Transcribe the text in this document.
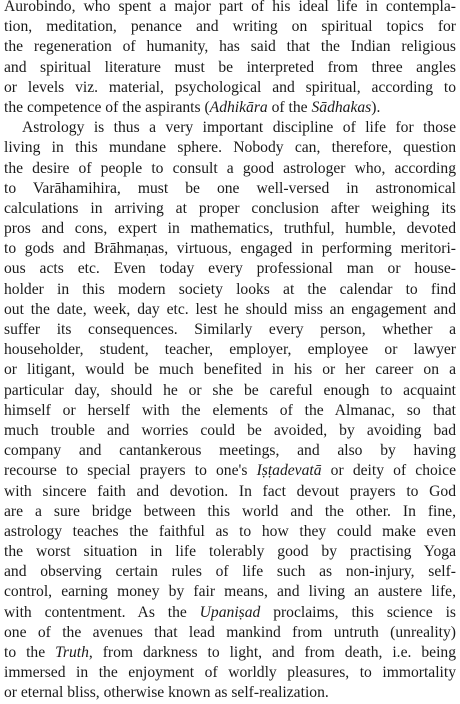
Aurobindo, who spent a major part of his ideal life in contempla-
tion, meditation, penance and writing on spiritual topics for
the regeneration of humanity, has said that the Indian religious
and spiritual literature must be interpreted from three angles
or levels viz. material, psychological and spiritual, according to
the competence of the aspirants (Adhikāra of the Sādhakas).
Astrology is thus a very important discipline of life for those
living in this mundane sphere. Nobody can, therefore, question
the desire of people to consult a good astrologer who, according
to Varāhamihira, must be one well-versed in astronomical
calculations in arriving at proper conclusion after weighing its
pros and cons, expert in mathematics, truthful, humble, devoted
to gods and Brāhmaṇas, virtuous, engaged in performing meritori-
ous acts etc. Even today every professional man or house-
holder in this modern society looks at the calendar to find
out the date, week, day etc. lest he should miss an engagement and
suffer its consequences. Similarly every person, whether a
householder, student, teacher, employer, employee or lawyer
or litigant, would be much benefited in his or her career on a
particular day, should he or she be careful enough to acquaint
himself or herself with the elements of the Almanac, so that
much trouble and worries could be avoided, by avoiding bad
company and cantankerous meetings, and also by having
recourse to special prayers to one's Iṣṭadevatā or deity of choice
with sincere faith and devotion. In fact devout prayers to God
are a sure bridge between this world and the other. In fine,
astrology teaches the faithful as to how they could make even
the worst situation in life tolerably good by practising Yoga
and observing certain rules of life such as non-injury, self-
control, earning money by fair means, and living an austere life,
with contentment. As the Upaniṣad proclaims, this science is
one of the avenues that lead mankind from untruth (unreality)
to the Truth, from darkness to light, and from death, i.e. being
immersed in the enjoyment of worldly pleasures, to immortality
or eternal bliss, otherwise known as self-realization.
